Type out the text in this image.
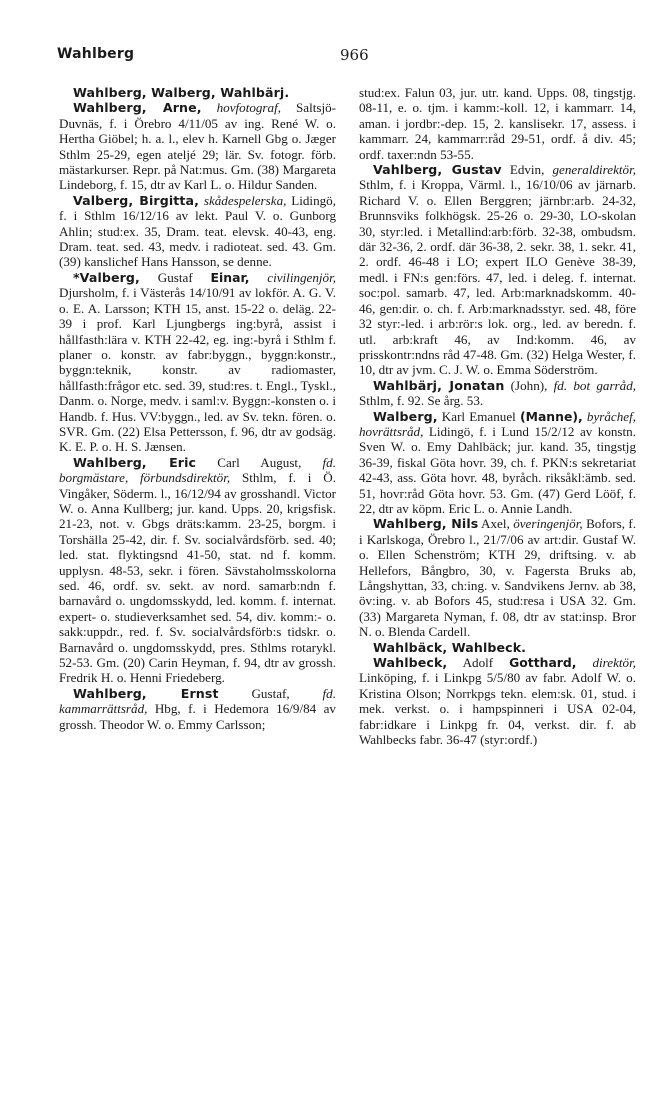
Wahlberg	966

Wahlberg, Walberg, Wahlbärj.

Wahlberg, Arne, hovfotograf, Saltsjö-Duvnäs, f. i Örebro 4/11/05 av ing. René W. o. Hertha Giöbel; h. a. l., elev h. Karnell Gbg o. Jæger Sthlm 25-29, egen ateljé 29; lär. Sv. fotogr. förb. mästarkurser. Repr. på Nat:mus. Gm. (38) Margareta Lindeborg, f. 15, dtr av Karl L. o. Hildur Sanden.

Valberg, Birgitta, skådespelerska, Lidingö, f. i Sthlm 16/12/16 av lekt. Paul V. o. Gunborg Ahlin; stud:ex. 35, Dram. teat. elevsk. 40-43, eng. Dram. teat. sed. 43, medv. i radioteat. sed. 43. Gm. (39) kanslichef Hans Hansson, se denne.

*Valberg, Gustaf Einar, civilingenjör, Djursholm, f. i Västerås 14/10/91 av lokför. A. G. V. o. E. A. Larsson; KTH 15, anst. 15-22 o. deläg. 22-39 i prof. Karl Ljungbergs ing:byrå, assist i hållfasth:lära v. KTH 22-42, eg. ing:-byrå i Sthlm f. planer o. konstr. av fabr:byggn., byggn:konstr., byggn:teknik, konstr. av radiomaster, hållfasth:frågor etc. sed. 39, stud:res. t. Engl., Tyskl., Danm. o. Norge, medv. i saml:v. Byggn:-konsten o. i Handb. f. Hus. VV:byggn., led. av Sv. tekn. fören. o. SVR. Gm. (22) Elsa Pettersson, f. 96, dtr av godsäg. K. E. P. o. H. S. Jænsen.

Wahlberg, Eric Carl August, fd. borgmästare, förbundsdirektör, Sthlm, f. i Ö. Vingåker, Söderm. l., 16/12/94 av grosshandl. Victor W. o. Anna Kullberg; jur. kand. Upps. 20, krigsfisk. 21-23, not. v. Gbgs dräts:kamm. 23-25, borgm. i Torshälla 25-42, dir. f. Sv. socialvårdsförb. sed. 40; led. stat. flyktingsnd 41-50, stat. nd f. komm. upplysn. 48-53, sekr. i fören. Sävstaholmsskolorna sed. 46, ordf. sv. sekt. av nord. samarb:ndn f. barnavård o. ungdomsskydd, led. komm. f. internat. expert- o. studieverksamhet sed. 54, div. komm:- o. sakk:uppdr., red. f. Sv. socialvårdsförb:s tidskr. o. Barnavård o. ungdomsskydd, pres. Sthlms rotarykl. 52-53. Gm. (20) Carin Heyman, f. 94, dtr av grossh. Fredrik H. o. Henni Friedeberg.

Wahlberg, Ernst	Gustaf,	fd. kammarrättsråd, Hbg, f. i Hedemora 16/9/84 av grossh. Theodor W. o. Emmy Carlsson;

stud:ex. Falun 03, jur. utr. kand. Upps. 08, tingstjg. 08-11, e. o. tjm. i kamm:-koll. 12, i kammarr. 14, aman. i jordbr:-dep. 15, 2. kanslisekr. 17, assess. i kammarr. 24, kammarr:råd 29-51, ordf. å div. 45; ordf. taxer:ndn 53-55.

Vahlberg, Gustav Edvin, generaldirektör, Sthlm, f. i Kroppa, Värml. l., 16/10/06 av järnarb. Richard V. o. Ellen Berggren; järnbr:arb. 24-32, Brunnsviks folkhögsk. 25-26 o. 29-30, LO-skolan 30, styr:led. i Metallind:arb:förb. 32-38, ombudsm. där 32-36, 2. ordf. där 36-38, 2. sekr. 38, 1. sekr. 41, 2. ordf. 46-48 i LO; expert ILO Genève 38-39, medl. i FN:s gen:förs. 47, led. i deleg. f. internat. soc:pol. samarb. 47, led. Arb:marknadskomm. 40-46, gen:dir. o. ch. f. Arb:marknadsstyr. sed. 48, före 32 styr:-led. i arb:rör:s lok. org., led. av beredn. f. utl. arb:kraft 46, av Ind:komm. 46, av prisskontr:ndns råd 47-48. Gm. (32) Helga Wester, f. 10, dtr av jvm. C. J. W. o. Emma Söderström.

Wahlbärj, Jonatan (John), fd. bot garråd, Sthlm, f. 92. Se årg. 53.

Walberg, Karl Emanuel (Manne), byråchef, hovrättsråd, Lidingö, f. i Lund 15/2/12 av konstn. Sven W. o. Emy Dahlbäck; jur. kand. 35, tingstjg 36-39, fiskal Göta hovr. 39, ch. f. PKN:s sekretariat 42-43, ass. Göta hovr. 48, byråch. riksåkl:ämb. sed. 51, hovr:råd Göta hovr. 53. Gm. (47) Gerd Lööf, f. 22, dtr av köpm. Eric L. o. Annie Landh.

Wahlberg, Nils Axel, överingenjör, Bofors, f. i Karlskoga, Örebro l., 21/7/06 av art:dir. Gustaf W. o. Ellen Schenström; KTH 29, driftsing. v. ab Hellefors, Bångbro, 30, v. Fagersta Bruks ab, Långshyttan, 33, ch:ing. v. Sandvikens Jernv. ab 38, öv:ing. v. ab Bofors 45, stud:resa i USA 32. Gm. (33) Margareta Nyman, f. 08, dtr av stat:insp. Bror N. o. Blenda Cardell.

Wahlbäck, Wahlbeck.

Wahlbeck, Adolf Gotthard, direktör, Linköping, f. i Linkpg 5/5/80 av fabr. Adolf W. o. Kristina Olson; Norrkpgs tekn. elem:sk. 01, stud. i mek. verkst. o. i hampspinneri i USA 02-04, fabr:idkare i Linkpg fr. 04, verkst. dir. f. ab Wahlbecks fabr. 36-47 (styr:ordf.)
